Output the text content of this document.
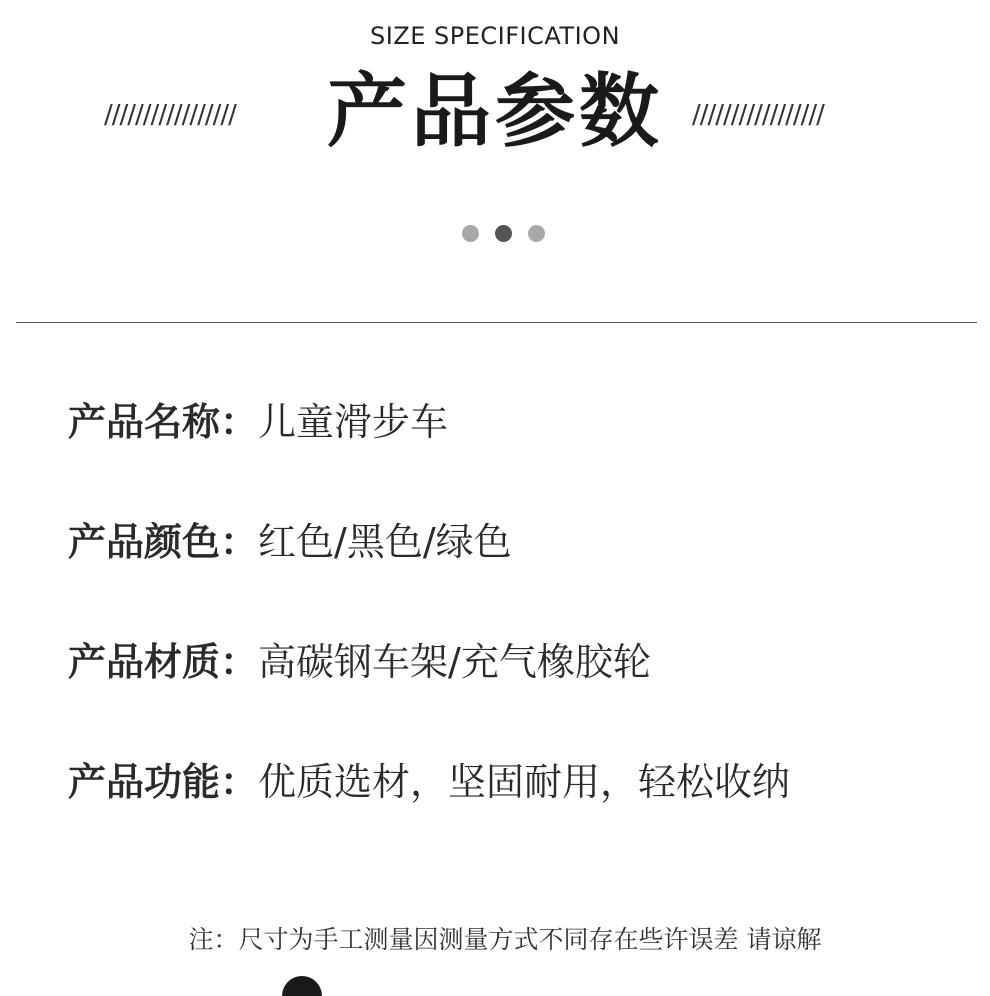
SIZE SPECIFICATION
/////////////////	产品参数	/////////////////
产品名称：儿童滑步车
产品颜色：红色/黑色/绿色
产品材质：高碳钢车架/充气橡胶轮
产品功能：优质选材，坚固耐用，轻松收纳
注：尺寸为手工测量因测量方式不同存在些许误差 请谅解
